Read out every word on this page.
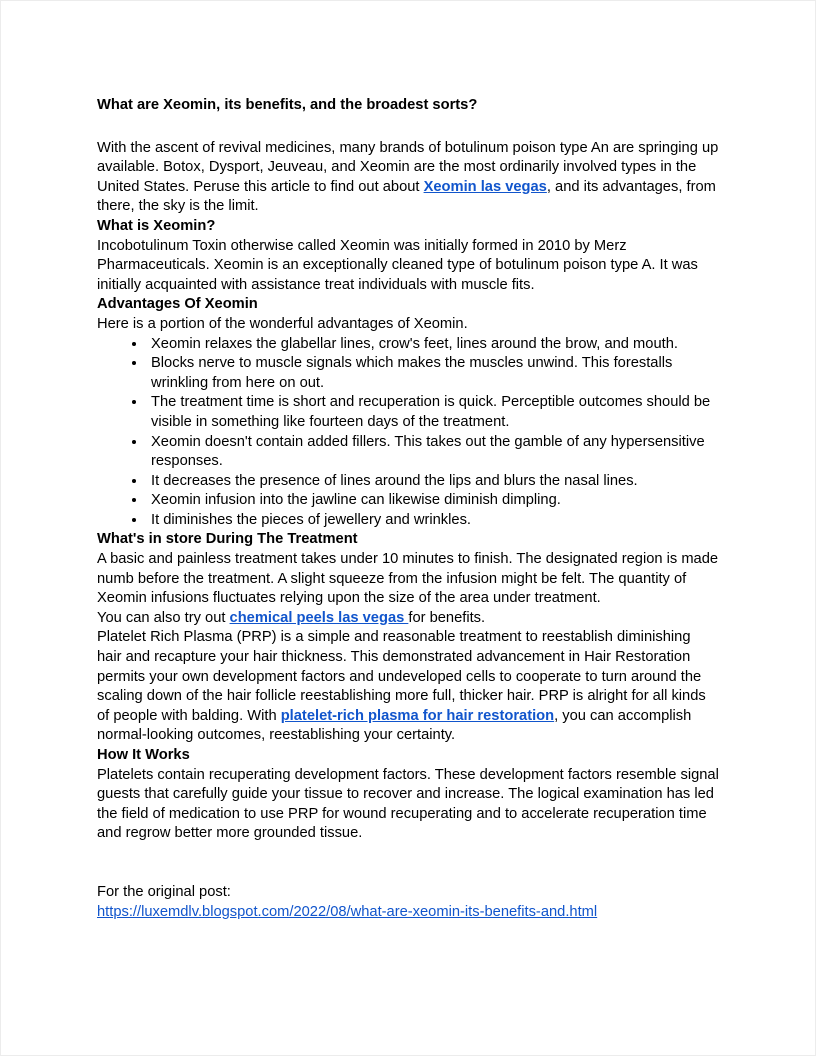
What are Xeomin, its benefits, and the broadest sorts?

With the ascent of revival medicines, many brands of botulinum poison type An are springing up available. Botox, Dysport, Jeuveau, and Xeomin are the most ordinarily involved types in the United States. Peruse this article to find out about Xeomin las vegas, and its advantages, from there, the sky is the limit.

What is Xeomin?

Incobotulinum Toxin otherwise called Xeomin was initially formed in 2010 by Merz Pharmaceuticals. Xeomin is an exceptionally cleaned type of botulinum poison type A. It was initially acquainted with assistance treat individuals with muscle fits.

Advantages Of Xeomin

Here is a portion of the wonderful advantages of Xeomin.

• Xeomin relaxes the glabellar lines, crow's feet, lines around the brow, and mouth.
• Blocks nerve to muscle signals which makes the muscles unwind. This forestalls wrinkling from here on out.
• The treatment time is short and recuperation is quick. Perceptible outcomes should be visible in something like fourteen days of the treatment.
• Xeomin doesn't contain added fillers. This takes out the gamble of any hypersensitive responses.
• It decreases the presence of lines around the lips and blurs the nasal lines.
• Xeomin infusion into the jawline can likewise diminish dimpling.
• It diminishes the pieces of jewellery and wrinkles.
What's in store During The Treatment

A basic and painless treatment takes under 10 minutes to finish. The designated region is made numb before the treatment. A slight squeeze from the infusion might be felt. The quantity of Xeomin infusions fluctuates relying upon the size of the area under treatment.

You can also try out chemical peels las vegas for benefits.

Platelet Rich Plasma (PRP) is a simple and reasonable treatment to reestablish diminishing hair and recapture your hair thickness. This demonstrated advancement in Hair Restoration permits your own development factors and undeveloped cells to cooperate to turn around the scaling down of the hair follicle reestablishing more full, thicker hair. PRP is alright for all kinds of people with balding. With platelet-rich plasma for hair restoration, you can accomplish normal-looking outcomes, reestablishing your certainty.

How It Works

Platelets contain recuperating development factors. These development factors resemble signal guests that carefully guide your tissue to recover and increase. The logical examination has led the field of medication to use PRP for wound recuperating and to accelerate recuperation time and regrow better more grounded tissue.

For the original post:

https://luxemdlv.blogspot.com/2022/08/what-are-xeomin-its-benefits-and.html
